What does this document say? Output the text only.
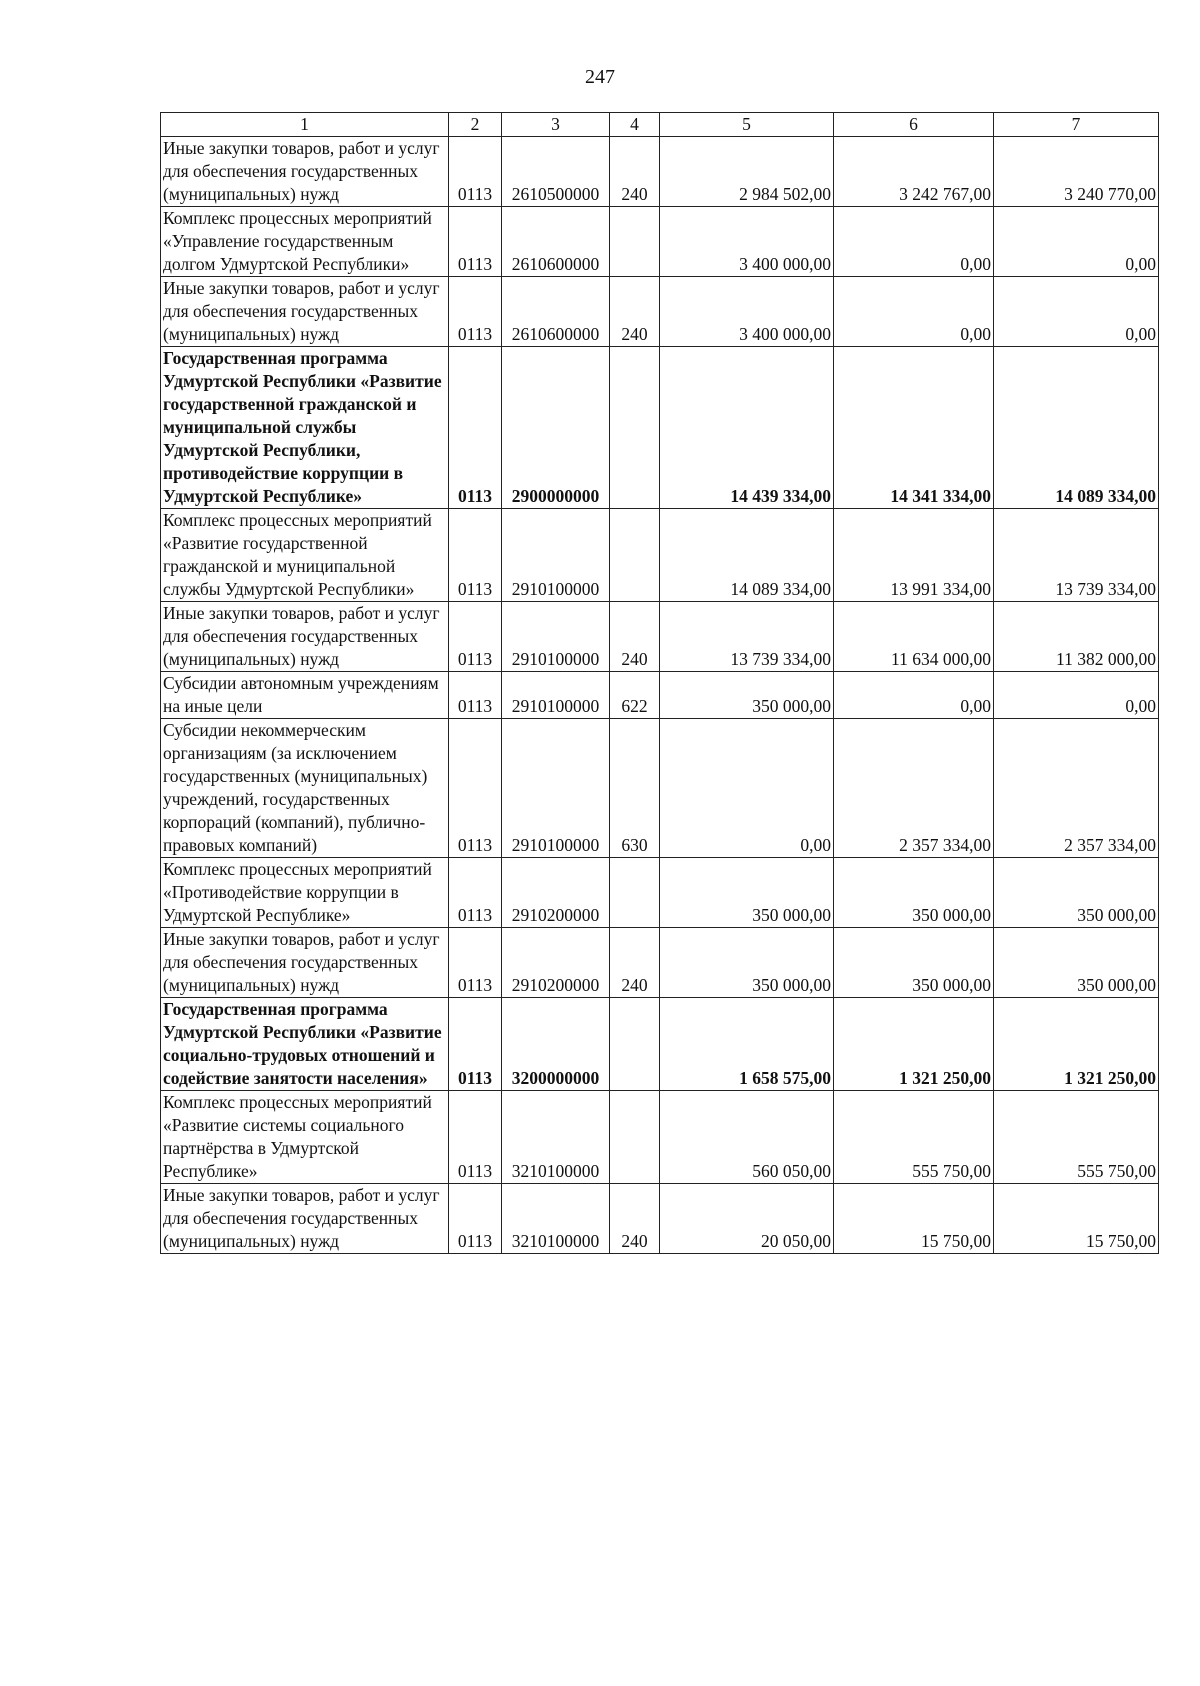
247
1	2	3	4	5	6	7
Иные закупки товаров, работ и услуг для обеспечения государственных (муниципальных) нужд	0113	2610500000	240	2 984 502,00	3 242 767,00	3 240 770,00
Комплекс процессных мероприятий «Управление государственным долгом Удмуртской Республики»	0113	2610600000		3 400 000,00	0,00	0,00
Иные закупки товаров, работ и услуг для обеспечения государственных (муниципальных) нужд	0113	2610600000	240	3 400 000,00	0,00	0,00
Государственная программа Удмуртской Республики «Развитие государственной гражданской и муниципальной службы Удмуртской Республики, противодействие коррупции в Удмуртской Республике»	0113	2900000000		14 439 334,00	14 341 334,00	14 089 334,00
Комплекс процессных мероприятий «Развитие государственной гражданской и муниципальной службы Удмуртской Республики»	0113	2910100000		14 089 334,00	13 991 334,00	13 739 334,00
Иные закупки товаров, работ и услуг для обеспечения государственных (муниципальных) нужд	0113	2910100000	240	13 739 334,00	11 634 000,00	11 382 000,00
Субсидии автономным учреждениям на иные цели	0113	2910100000	622	350 000,00	0,00	0,00
Субсидии некоммерческим организациям (за исключением государственных (муниципальных) учреждений, государственных корпораций (компаний), публично-правовых компаний)	0113	2910100000	630	0,00	2 357 334,00	2 357 334,00
Комплекс процессных мероприятий «Противодействие коррупции в Удмуртской Республике»	0113	2910200000		350 000,00	350 000,00	350 000,00
Иные закупки товаров, работ и услуг для обеспечения государственных (муниципальных) нужд	0113	2910200000	240	350 000,00	350 000,00	350 000,00
Государственная программа Удмуртской Республики «Развитие социально-трудовых отношений и содействие занятости населения»	0113	3200000000		1 658 575,00	1 321 250,00	1 321 250,00
Комплекс процессных мероприятий «Развитие системы социального партнёрства в Удмуртской Республике»	0113	3210100000		560 050,00	555 750,00	555 750,00
Иные закупки товаров, работ и услуг для обеспечения государственных (муниципальных) нужд	0113	3210100000	240	20 050,00	15 750,00	15 750,00
